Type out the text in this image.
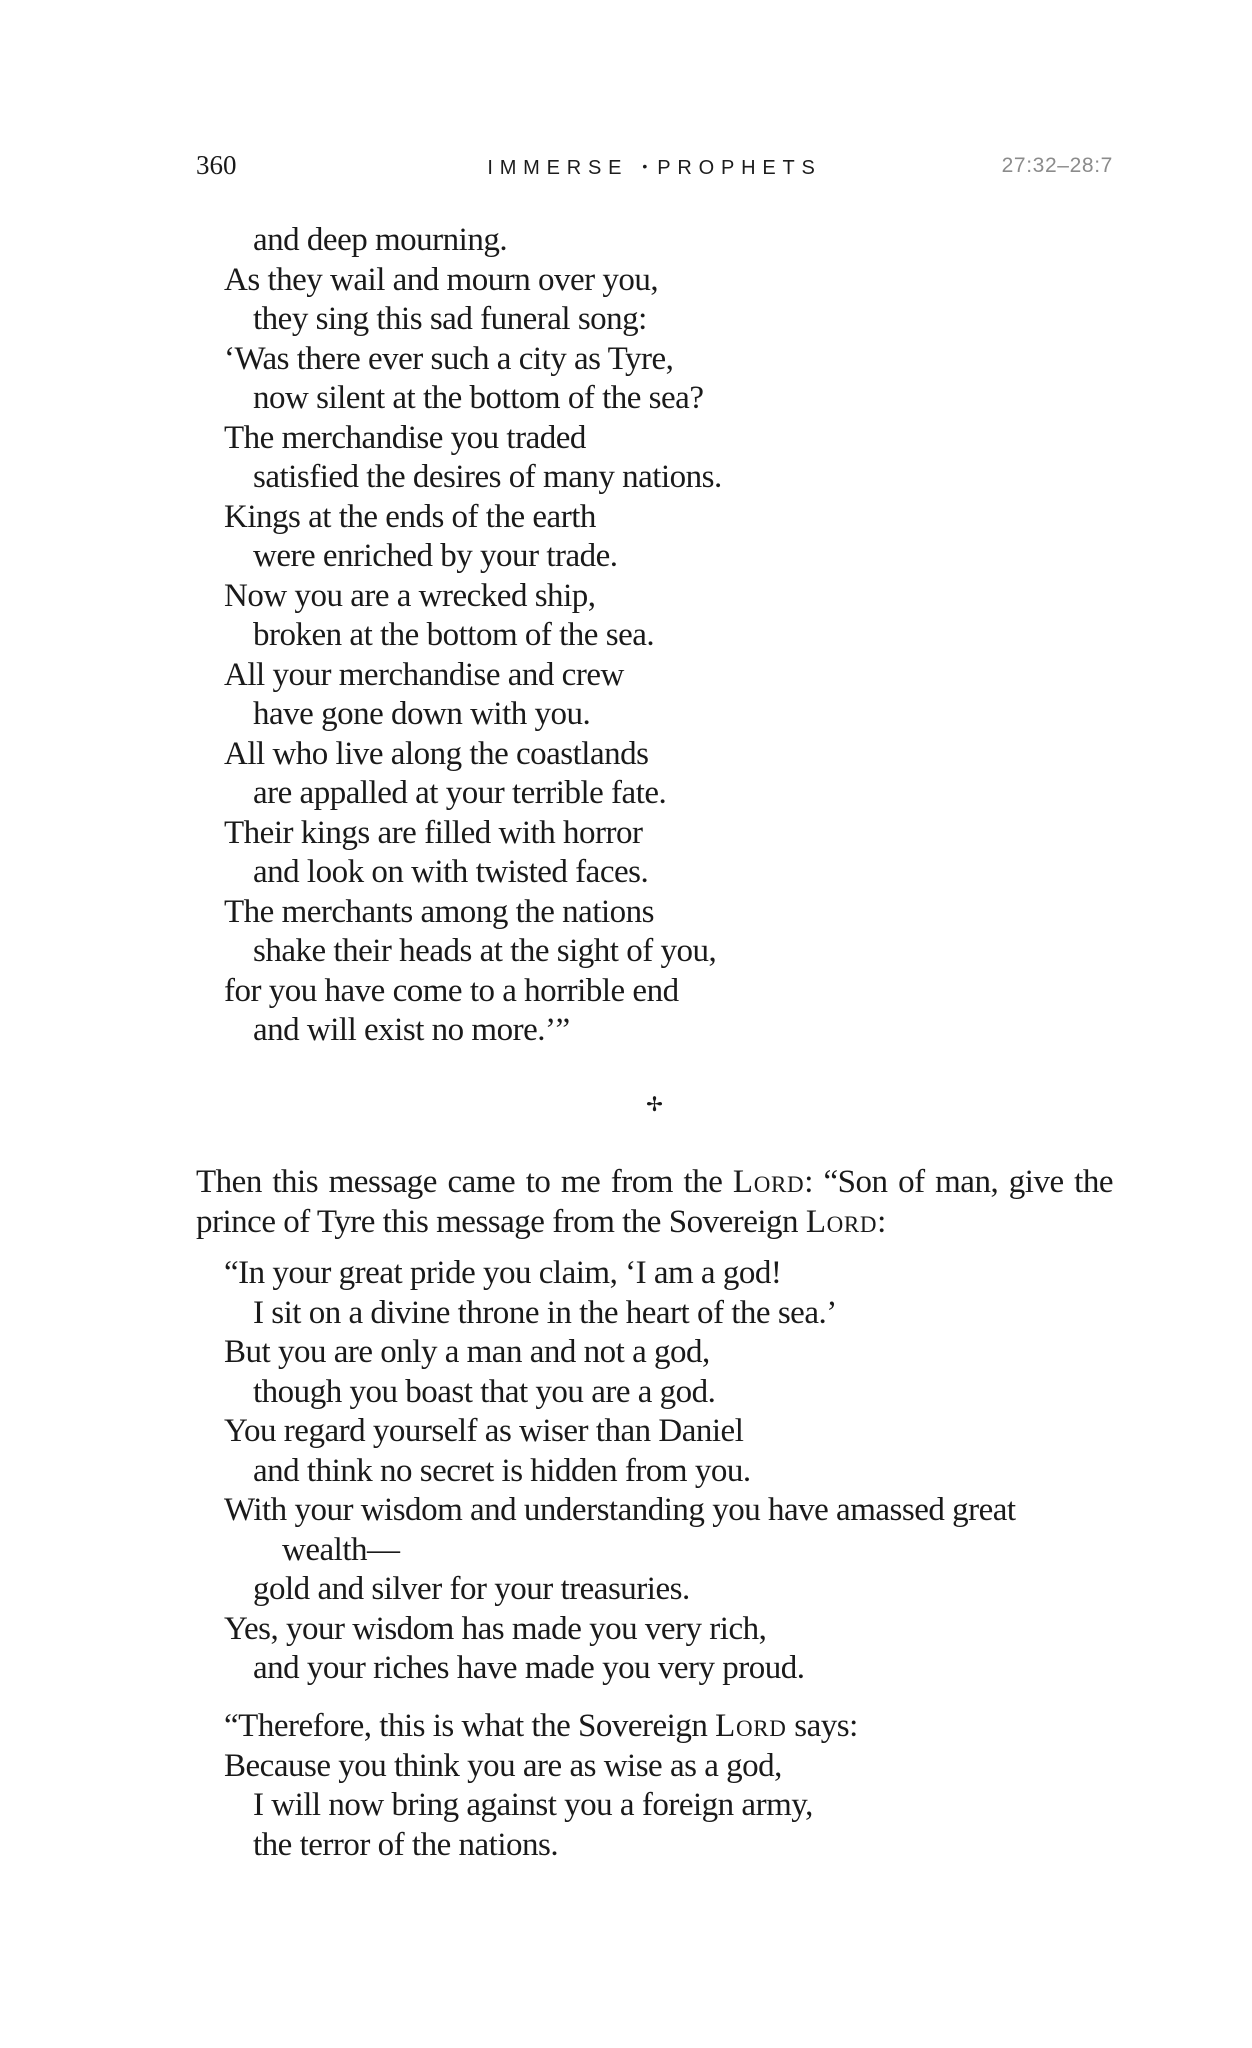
360	IMMERSE • PROPHETS	27:32–28:7
and deep mourning.
As they wail and mourn over you,
they sing this sad funeral song:
‘Was there ever such a city as Tyre,
now silent at the bottom of the sea?
The merchandise you traded
satisfied the desires of many nations.
Kings at the ends of the earth
were enriched by your trade.
Now you are a wrecked ship,
broken at the bottom of the sea.
All your merchandise and crew
have gone down with you.
All who live along the coastlands
are appalled at your terrible fate.
Their kings are filled with horror
and look on with twisted faces.
The merchants among the nations
shake their heads at the sight of you,
for you have come to a horrible end
and will exist no more.’”
✢
Then this message came to me from the Lord: “Son of man, give the
prince of Tyre this message from the Sovereign Lord:
“In your great pride you claim, ‘I am a god!
I sit on a divine throne in the heart of the sea.’
But you are only a man and not a god,
though you boast that you are a god.
You regard yourself as wiser than Daniel
and think no secret is hidden from you.
With your wisdom and understanding you have amassed great
wealth—
gold and silver for your treasuries.
Yes, your wisdom has made you very rich,
and your riches have made you very proud.
“Therefore, this is what the Sovereign Lord says:
Because you think you are as wise as a god,
I will now bring against you a foreign army,
the terror of the nations.
